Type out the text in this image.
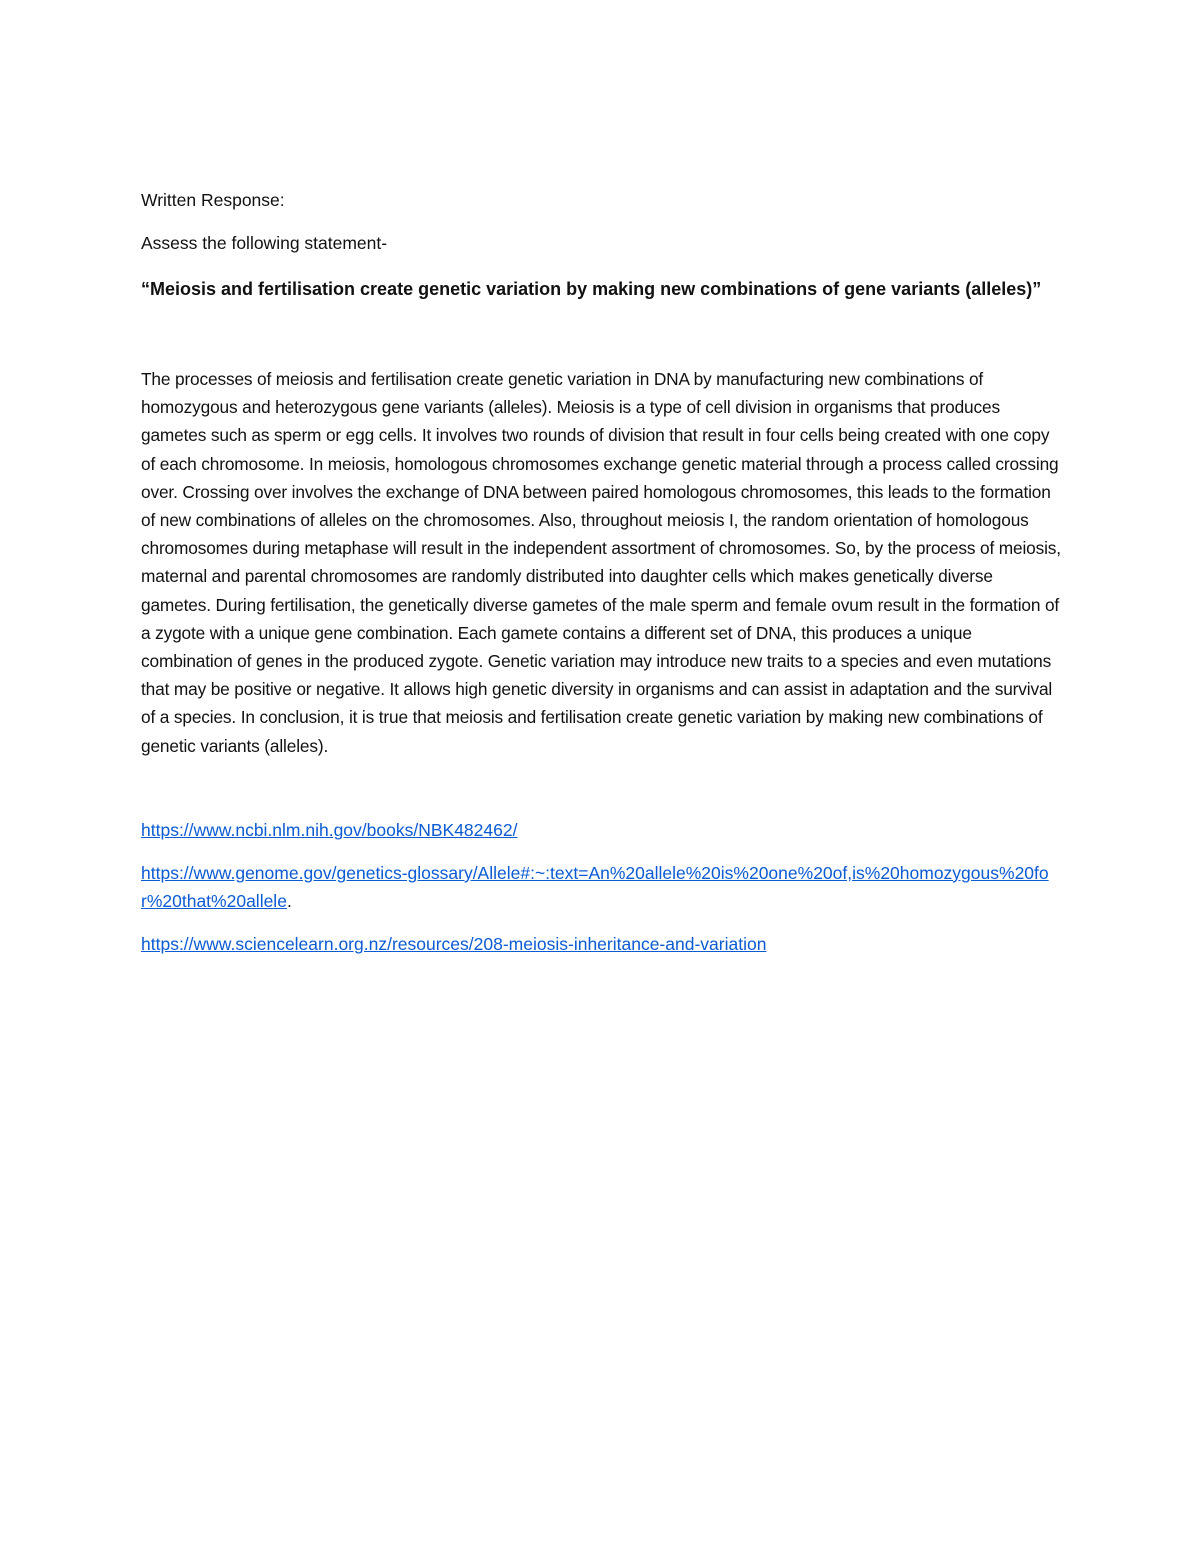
Written Response:

Assess the following statement-

“Meiosis and fertilisation create genetic variation by making new combinations of gene variants (alleles)”

The processes of meiosis and fertilisation create genetic variation in DNA by manufacturing new combinations of homozygous and heterozygous gene variants (alleles). Meiosis is a type of cell division in organisms that produces gametes such as sperm or egg cells. It involves two rounds of division that result in four cells being created with one copy of each chromosome. In meiosis, homologous chromosomes exchange genetic material through a process called crossing over. Crossing over involves the exchange of DNA between paired homologous chromosomes, this leads to the formation of new combinations of alleles on the chromosomes. Also, throughout meiosis I, the random orientation of homologous chromosomes during metaphase will result in the independent assortment of chromosomes. So, by the process of meiosis, maternal and parental chromosomes are randomly distributed into daughter cells which makes genetically diverse gametes. During fertilisation, the genetically diverse gametes of the male sperm and female ovum result in the formation of a zygote with a unique gene combination. Each gamete contains a different set of DNA, this produces a unique combination of genes in the produced zygote. Genetic variation may introduce new traits to a species and even mutations that may be positive or negative. It allows high genetic diversity in organisms and can assist in adaptation and the survival of a species. In conclusion, it is true that meiosis and fertilisation create genetic variation by making new combinations of genetic variants (alleles).

https://www.ncbi.nlm.nih.gov/books/NBK482462/

https://www.genome.gov/genetics-glossary/Allele#:~:text=An%20allele%20is%20one%20of,is%20homozygous%20for%20that%20allele.

https://www.sciencelearn.org.nz/resources/208-meiosis-inheritance-and-variation
